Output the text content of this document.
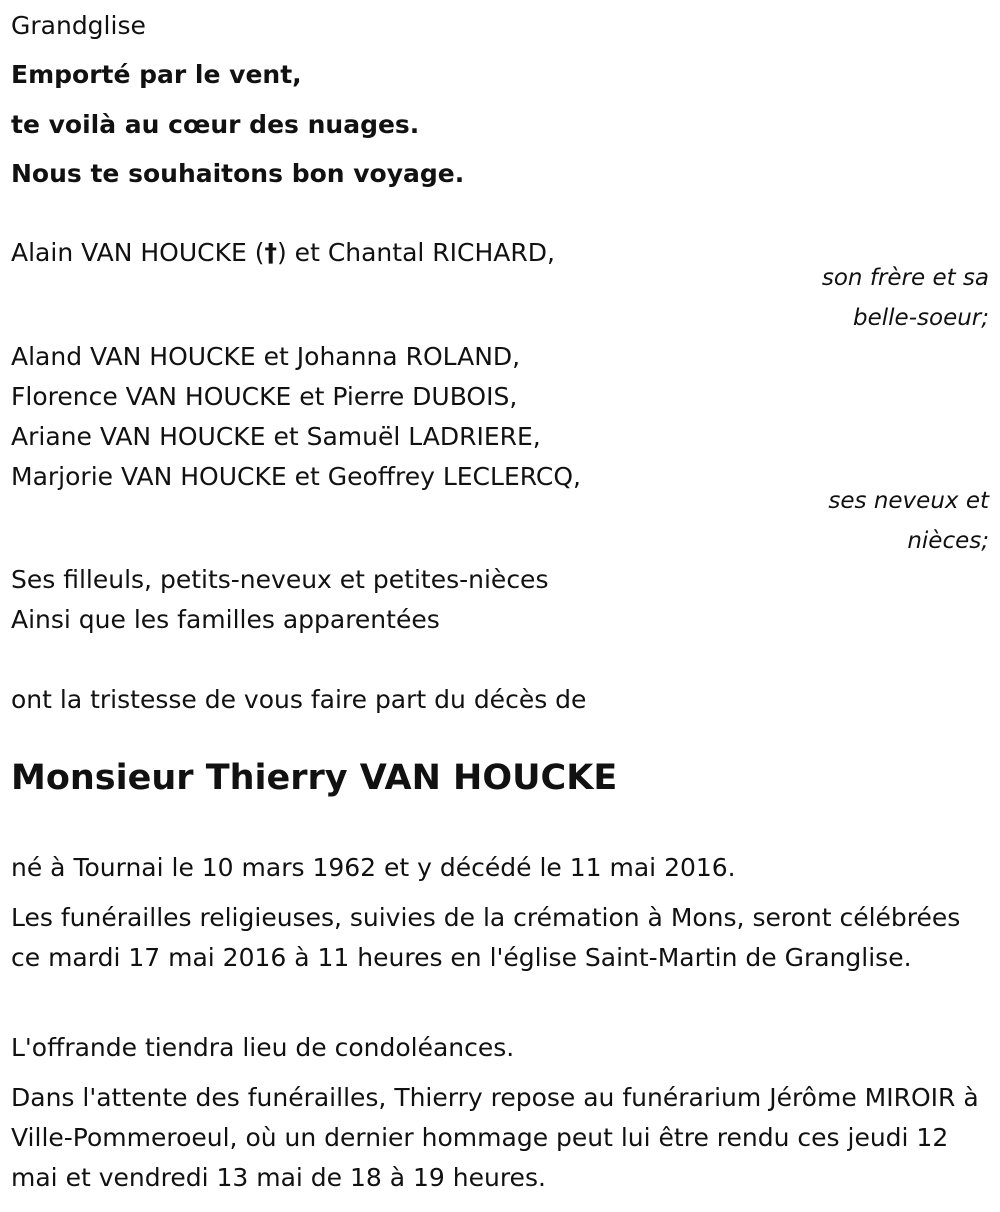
Grandglise
Emporté par le vent,
te voilà au cœur des nuages.
Nous te souhaitons bon voyage.
Alain VAN HOUCKE (†) et Chantal RICHARD,
son frère et sa
belle-soeur;
Aland VAN HOUCKE et Johanna ROLAND,
Florence VAN HOUCKE et Pierre DUBOIS,
Ariane VAN HOUCKE et Samuël LADRIERE,
Marjorie VAN HOUCKE et Geoffrey LECLERCQ,
ses neveux et
nièces;
Ses filleuls, petits-neveux et petites-nièces
Ainsi que les familles apparentées
ont la tristesse de vous faire part du décès de
Monsieur Thierry VAN HOUCKE
né à Tournai le 10 mars 1962 et y décédé le 11 mai 2016.
Les funérailles religieuses, suivies de la crémation à Mons, seront célébrées ce mardi 17 mai 2016 à 11 heures en l'église Saint-Martin de Granglise.
L'offrande tiendra lieu de condoléances.
Dans l'attente des funérailles, Thierry repose au funérarium Jérôme MIROIR à Ville-Pommeroeul, où un dernier hommage peut lui être rendu ces jeudi 12 mai et vendredi 13 mai de 18 à 19 heures.
